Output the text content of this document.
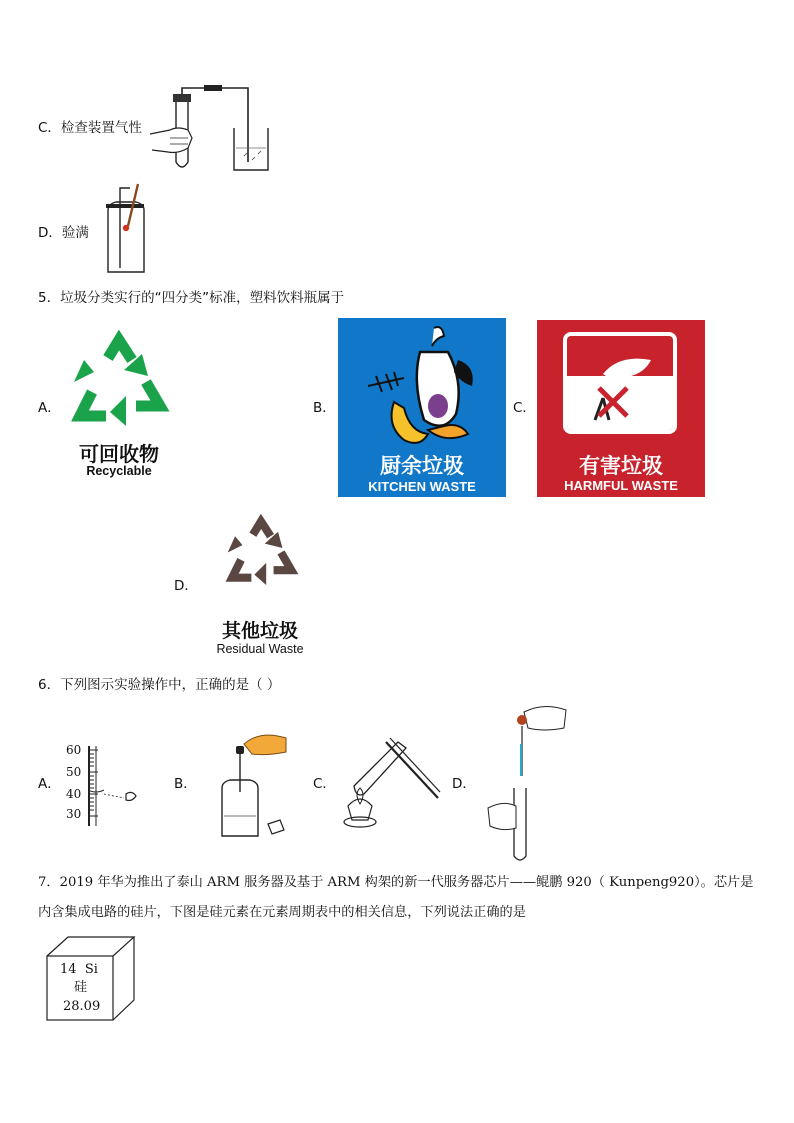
C．检查装置气性
D．验满
5．垃圾分类实行的“四分类”标准，塑料饮料瓶属于
A．
可回收物
Recyclable
B．
厨余垃圾
KITCHEN WASTE
C．
有害垃圾
HARMFUL WASTE
D．
其他垃圾
Residual Waste
6．下列图示实验操作中，正确的是（ ）
A．
60
50
40
30
B．	C．	D．
7．2019 年华为推出了泰山 ARM 服务器及基于 ARM 构架的新一代服务器芯片——鲲鹏 920（ Kunpeng920）。芯片是
内含集成电路的硅片，下图是硅元素在元素周期表中的相关信息，下列说法正确的是
14 Si
硅
28.09
